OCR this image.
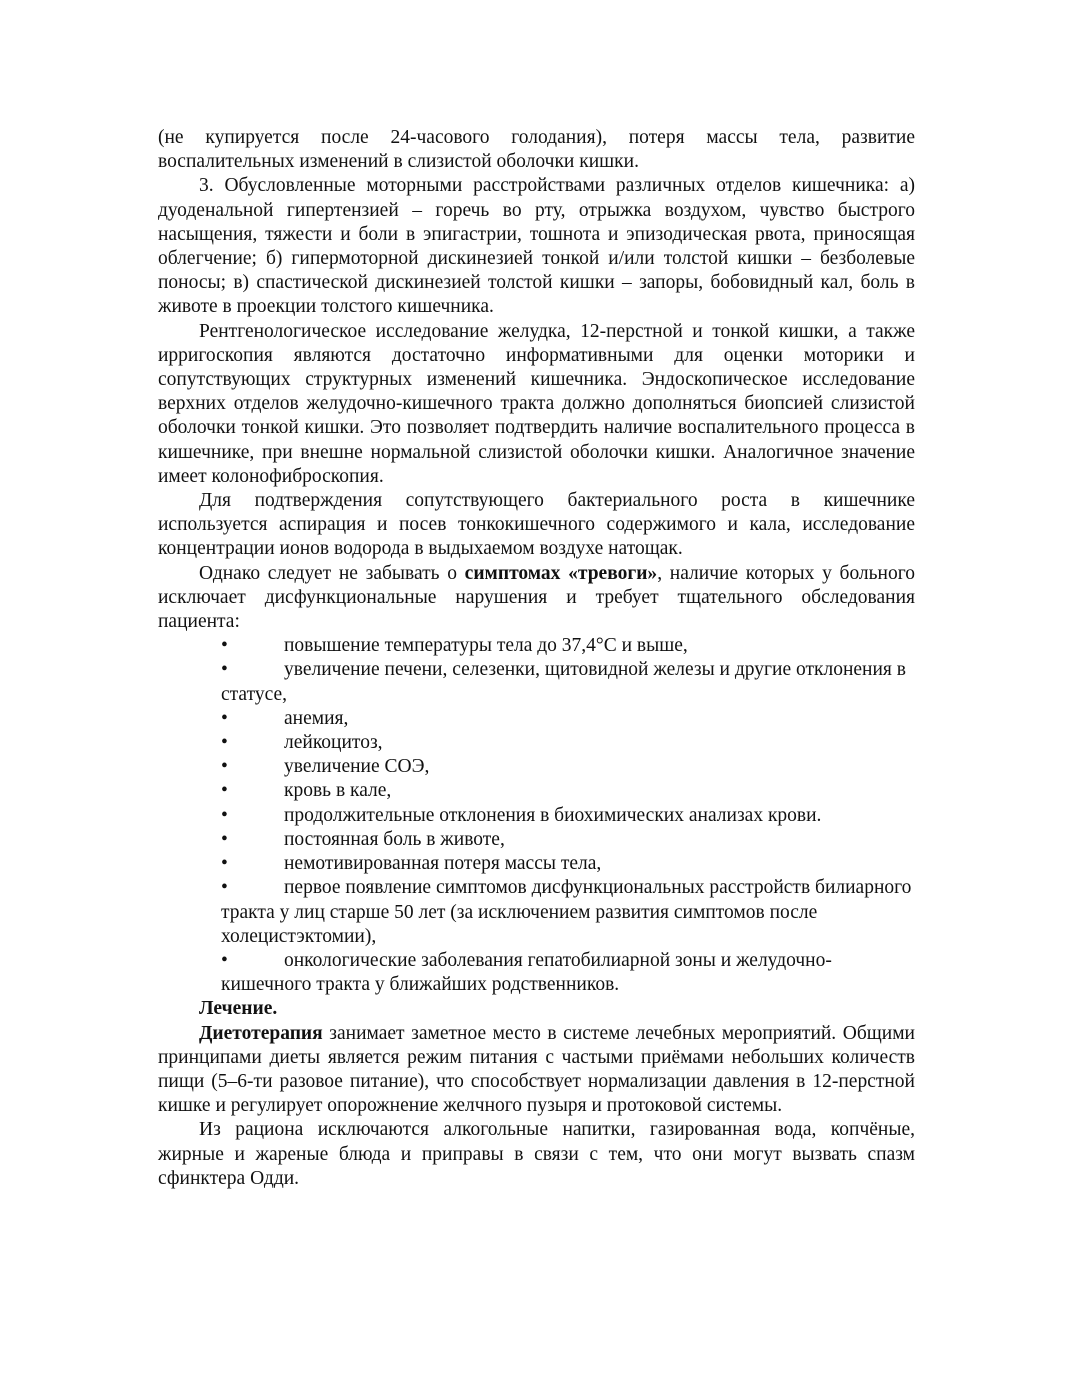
(не купируется после 24-часового голодания), потеря массы тела, развитие воспалительных изменений в слизистой оболочки кишки.

3. Обусловленные моторными расстройствами различных отделов кишечника: а) дуоденальной гипертензией – горечь во рту, отрыжка воздухом, чувство быстрого насыщения, тяжести и боли в эпигастрии, тошнота и эпизодическая рвота, приносящая облегчение; б) гипермоторной дискинезией тонкой и/или толстой кишки – безболевые поносы; в) спастической дискинезией толстой кишки – запоры, бобовидный кал, боль в животе в проекции толстого кишечника.

Рентгенологическое исследование желудка, 12-перстной и тонкой кишки, а также ирригоскопия являются достаточно информативными для оценки моторики и сопутствующих структурных изменений кишечника. Эндоскопическое исследование верхних отделов желудочно-кишечного тракта должно дополняться биопсией слизистой оболочки тонкой кишки. Это позволяет подтвердить наличие воспалительного процесса в кишечнике, при внешне нормальной слизистой оболочки кишки. Аналогичное значение имеет колонофиброскопия.

Для подтверждения сопутствующего бактериального роста в кишечнике используется аспирация и посев тонкокишечного содержимого и кала, исследование концентрации ионов водорода в выдыхаемом воздухе натощак.

Однако следует не забывать о симптомах «тревоги», наличие которых у больного исключает дисфункциональные нарушения и требует тщательного обследования пациента:

•	повышение температуры тела до 37,4°С и выше,
•	увеличение печени, селезенки, щитовидной железы и другие отклонения в статусе,
•	анемия,
•	лейкоцитоз,
•	увеличение СОЭ,
•	кровь в кале,
•	продолжительные отклонения в биохимических анализах крови.
•	постоянная боль в животе,
•	немотивированная потеря массы тела,
•	первое появление симптомов дисфункциональных расстройств билиарного тракта у лиц старше 50 лет (за исключением развития симптомов после холецистэктомии),
•	онкологические заболевания гепатобилиарной зоны и желудочно-кишечного тракта у ближайших родственников.

Лечение.

Диетотерапия занимает заметное место в системе лечебных мероприятий. Общими принципами диеты является режим питания с частыми приёмами небольших количеств пищи (5–6-ти разовое питание), что способствует нормализации давления в 12-перстной кишке и регулирует опорожнение желчного пузыря и протоковой системы.

Из рациона исключаются алкогольные напитки, газированная вода, копчёные, жирные и жареные блюда и приправы в связи с тем, что они могут вызвать спазм сфинктера Одди.
